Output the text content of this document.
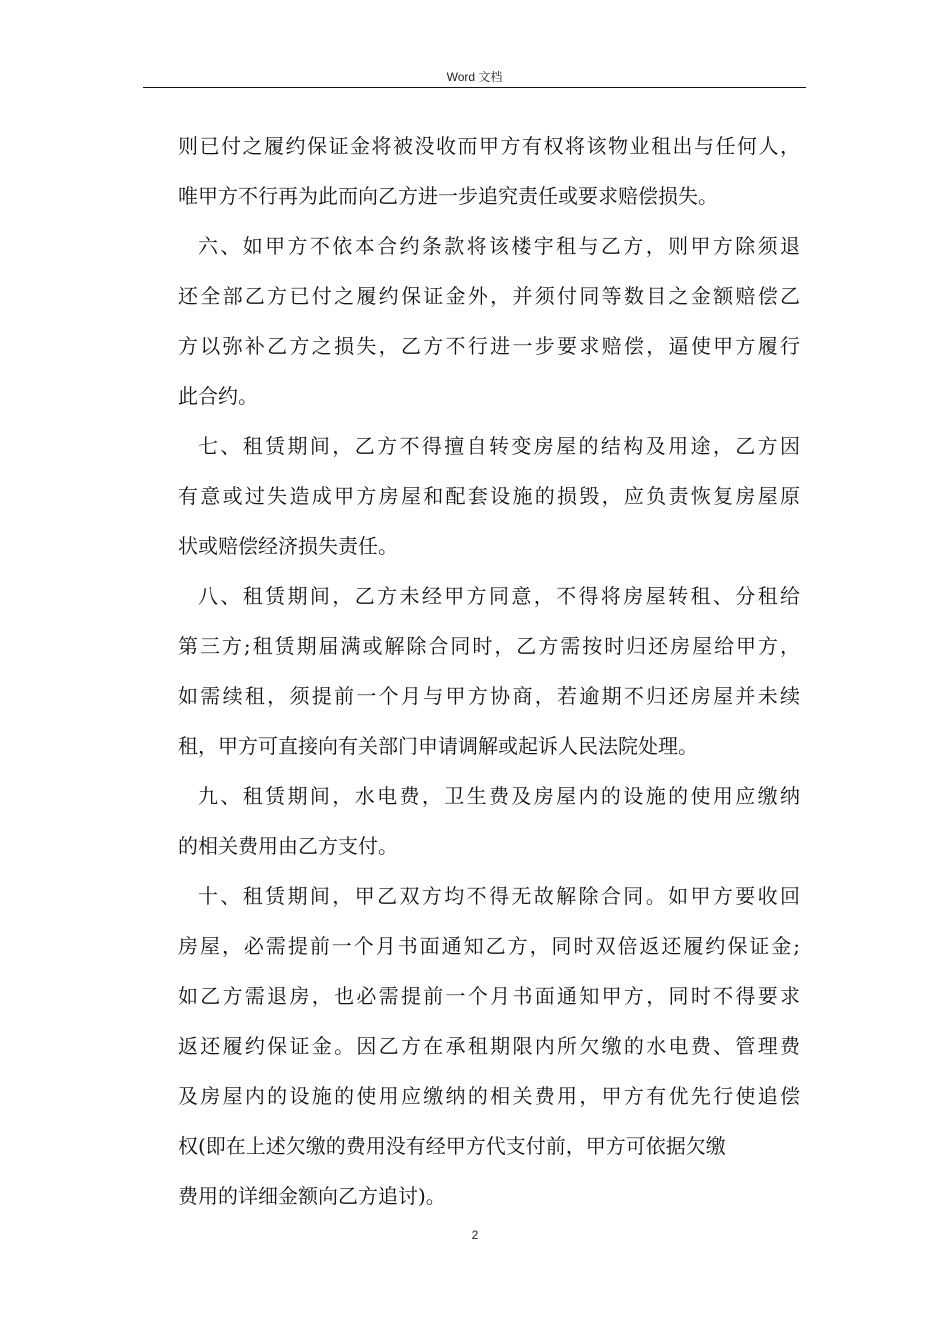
Word 文档
则已付之履约保证金将被没收而甲方有权将该物业租出与任何人，
唯甲方不行再为此而向乙方进一步追究责任或要求赔偿损失。
六、如甲方不依本合约条款将该楼宇租与乙方，则甲方除须退
还全部乙方已付之履约保证金外，并须付同等数目之金额赔偿乙
方以弥补乙方之损失，乙方不行进一步要求赔偿，逼使甲方履行
此合约。
七、租赁期间，乙方不得擅自转变房屋的结构及用途，乙方因
有意或过失造成甲方房屋和配套设施的损毁，应负责恢复房屋原
状或赔偿经济损失责任。
八、租赁期间，乙方未经甲方同意，不得将房屋转租、分租给
第三方;租赁期届满或解除合同时，乙方需按时归还房屋给甲方，
如需续租，须提前一个月与甲方协商，若逾期不归还房屋并未续
租，甲方可直接向有关部门申请调解或起诉人民法院处理。
九、租赁期间，水电费，卫生费及房屋内的设施的使用应缴纳
的相关费用由乙方支付。
十、租赁期间，甲乙双方均不得无故解除合同。如甲方要收回
房屋，必需提前一个月书面通知乙方，同时双倍返还履约保证金;
如乙方需退房，也必需提前一个月书面通知甲方，同时不得要求
返还履约保证金。因乙方在承租期限内所欠缴的水电费、管理费
及房屋内的设施的使用应缴纳的相关费用，甲方有优先行使追偿
权(即在上述欠缴的费用没有经甲方代支付前，甲方可依据欠缴
费用的详细金额向乙方追讨)。
2
